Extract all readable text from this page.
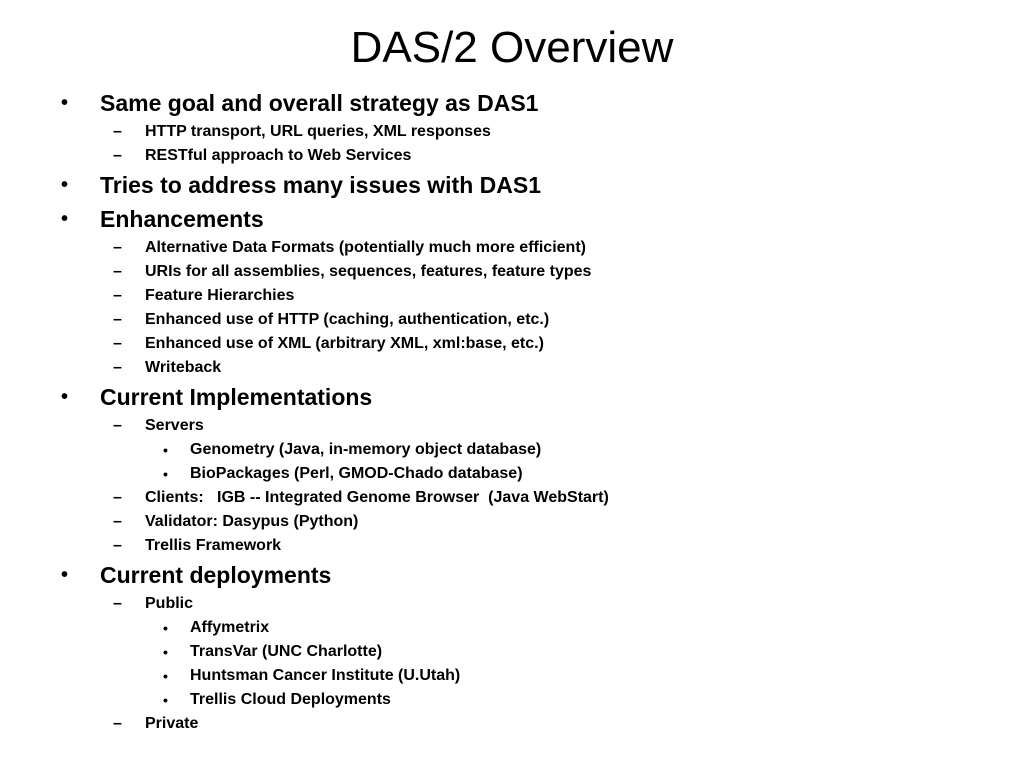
DAS/2 Overview
• Same goal and overall strategy as DAS1
– HTTP transport, URL queries, XML responses
– RESTful approach to Web Services
• Tries to address many issues with DAS1
• Enhancements
– Alternative Data Formats (potentially much more efficient)
– URIs for all assemblies, sequences, features, feature types
– Feature Hierarchies
– Enhanced use of HTTP (caching, authentication, etc.)
– Enhanced use of XML (arbitrary XML, xml:base, etc.)
– Writeback
• Current Implementations
– Servers
• Genometry (Java, in-memory object database)
• BioPackages (Perl, GMOD-Chado database)
– Clients:   IGB -- Integrated Genome Browser  (Java WebStart)
– Validator: Dasypus (Python)
– Trellis Framework
• Current deployments
– Public
• Affymetrix
• TransVar (UNC Charlotte)
• Huntsman Cancer Institute (U.Utah)
• Trellis Cloud Deployments
– Private
